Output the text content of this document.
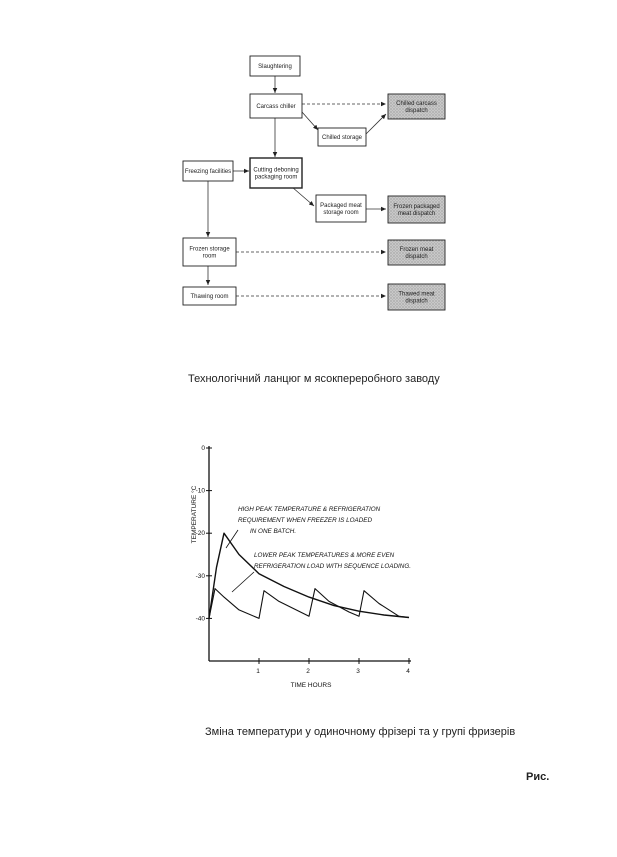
Slaughtering
Carcass chiller	Chilled carcass
dispatch
Chilled storage
Freezing facilities	Cutting deboning
packaging room
Packaged meat
storage room
Frozen packaged
meat dispatch
Frozen storage
room
Frozen meat
dispatch
Thawing room	Thawed meat
dispatch
0
-10
-20
-30
-40
1	2	3	4
TIME HOURS
TEMPERATURE °C	HIGH PEAK TEMPERATURE & REFRIGERATION
REQUIREMENT WHEN FREEZER IS LOADED
IN ONE BATCH.
LOWER PEAK TEMPERATURES & MORE EVEN
REFRIGERATION LOAD WITH SEQUENCE LOADING.
Технологічний ланцюг м ясокпереробного заводу
Зміна температури у одиночному фрізері та у групі фризерів
Рис.
